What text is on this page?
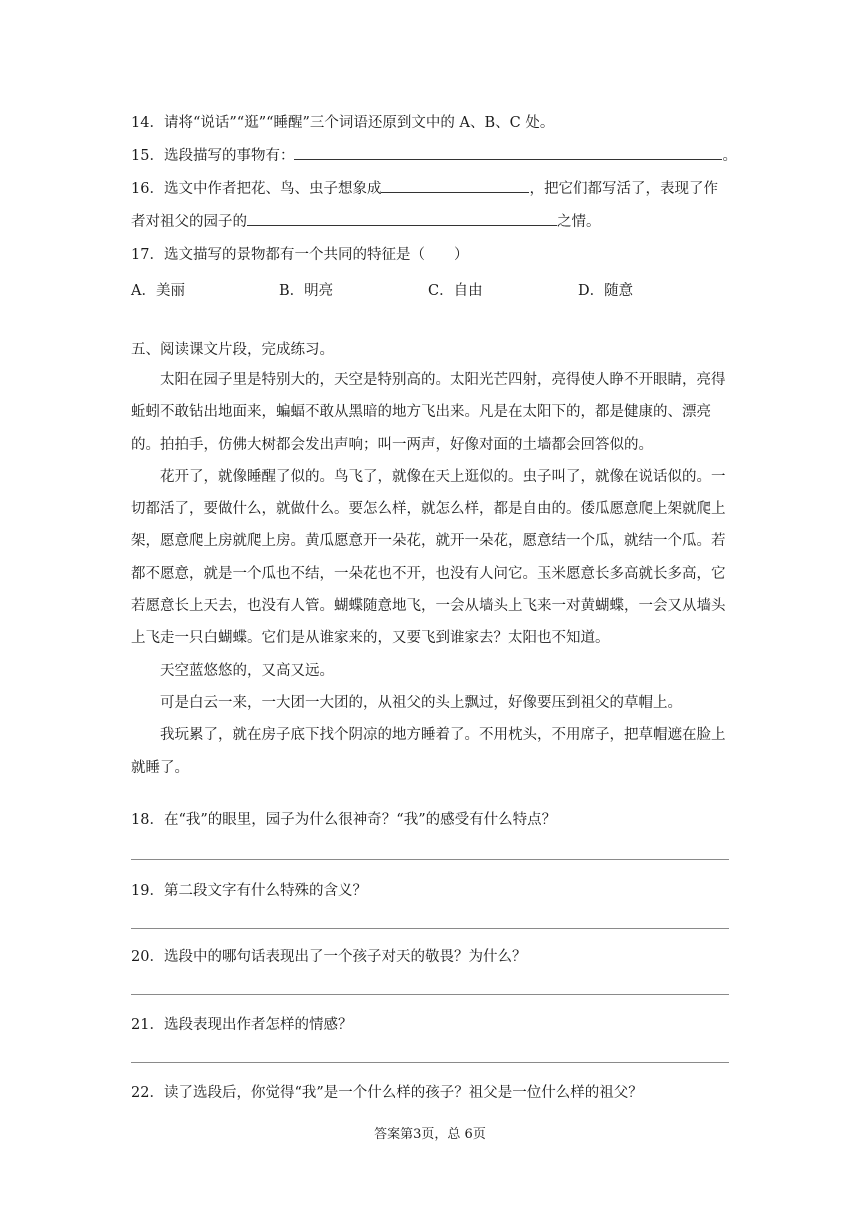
14．请将“说话”“逛”“睡醒”三个词语还原到文中的 A、B、C 处。
15．选段描写的事物有：	。
16．选文中作者把花、鸟、虫子想象成	，把它们都写活了，表现了作
者对祖父的园子的	之情。
17．选文描写的景物都有一个共同的特征是（　　）
A．美丽	B．明亮	C．自由	D．随意
五、阅读课文片段，完成练习。

太阳在园子里是特别大的，天空是特别高的。太阳光芒四射，亮得使人睁不开眼睛，亮得蚯蚓不敢钻出地面来，蝙蝠不敢从黑暗的地方飞出来。凡是在太阳下的，都是健康的、漂亮的。拍拍手，仿佛大树都会发出声响；叫一两声，好像对面的土墙都会回答似的。

花开了，就像睡醒了似的。鸟飞了，就像在天上逛似的。虫子叫了，就像在说话似的。一切都活了，要做什么，就做什么。要怎么样，就怎么样，都是自由的。倭瓜愿意爬上架就爬上架，愿意爬上房就爬上房。黄瓜愿意开一朵花，就开一朵花，愿意结一个瓜，就结一个瓜。若都不愿意，就是一个瓜也不结，一朵花也不开，也没有人问它。玉米愿意长多高就长多高，它若愿意长上天去，也没有人管。蝴蝶随意地飞，一会从墙头上飞来一对黄蝴蝶，一会又从墙头上飞走一只白蝴蝶。它们是从谁家来的，又要飞到谁家去？太阳也不知道。

天空蓝悠悠的，又高又远。

可是白云一来，一大团一大团的，从祖父的头上飘过，好像要压到祖父的草帽上。

我玩累了，就在房子底下找个阴凉的地方睡着了。不用枕头，不用席子，把草帽遮在脸上就睡了。

18．在“我”的眼里，园子为什么很神奇？“我”的感受有什么特点？
19．第二段文字有什么特殊的含义？
20．选段中的哪句话表现出了一个孩子对天的敬畏？为什么？
21．选段表现出作者怎样的情感？
22．读了选段后，你觉得“我”是一个什么样的孩子？祖父是一位什么样的祖父？
答案第3页，总 6页
